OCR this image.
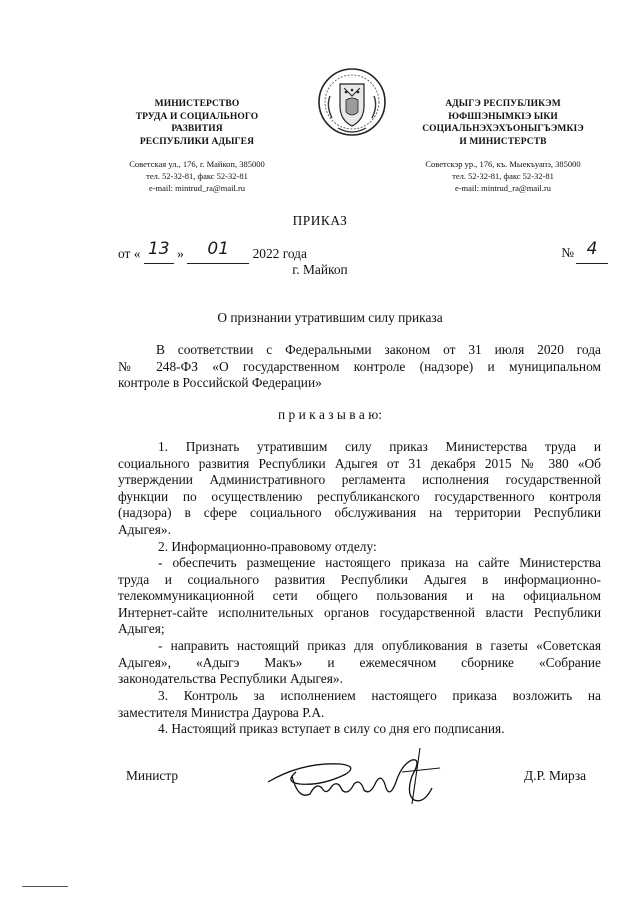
МИНИСТЕРСТВО
ТРУДА И СОЦИАЛЬНОГО
РАЗВИТИЯ
РЕСПУБЛИКИ АДЫГЕЯ
Советская ул., 176, г. Майкоп, 385000
тел. 52-32-81, факс 52-32-81
e-mail: mintrud_ra@mail.ru
АДЫГЭ РЕСПУБЛИКЭМ
ЮФШІЭНЫМКІЭ ЫКИ
СОЦИАЛЬНЭХЭХЪОНЫГЪЭМКІЭ
И МИНИСТЕРСТВ
Советскэр ур., 176, къ. Мыекъуапэ, 385000
тел. 52-32-81, факс 52-32-81
e-mail: mintrud_ra@mail.ru
ПРИКАЗ
от « 13 » 01 2022 года	№ 4
г. Майкоп
О признании утратившим силу приказа
В соответствии с Федеральными законом от 31 июля 2020 года
№ 248-ФЗ «О государственном контроле (надзоре) и муниципальном
контроле в Российской Федерации»
п р и к а з ы в а ю:
1. Признать утратившим силу приказ Министерства труда и
социального развития Республики Адыгея от 31 декабря 2015 № 380 «Об
утверждении Административного регламента исполнения государственной
функции по осуществлению республиканского государственного контроля
(надзора) в сфере социального обслуживания на территории Республики
Адыгея».
2. Информационно-правовому отделу:
- обеспечить размещение настоящего приказа на сайте Министерства
труда и социального развития Республики Адыгея в информационно-
телекоммуникационной сети общего пользования и на официальном
Интернет-сайте исполнительных органов государственной власти Республики
Адыгея;
- направить настоящий приказ для опубликования в газеты «Советская
Адыгея», «Адыгэ Макъ» и ежемесячном сборнике «Собрание
законодательства Республики Адыгея».
3. Контроль за исполнением настоящего приказа возложить на
заместителя Министра Даурова Р.А.
4. Настоящий приказ вступает в силу со дня его подписания.
Министр	Д.Р. Мирза
